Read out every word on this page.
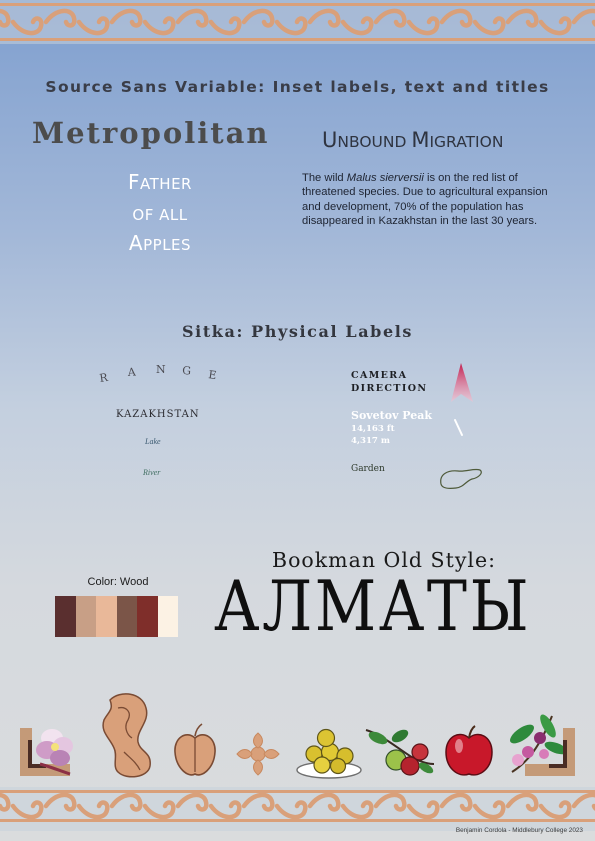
Source Sans Variable: Inset labels, text and titles
Metropolitan	UNBOUND MIGRATION
FATHER
OF ALL
APPLES
The wild Malus sierversii is on the red list of threatened species. Due to agricultural expansion and development, 70% of the population has disappeared in Kazakhstan in the last 30 years.
Sitka: Physical Labels
R A N G E
KAZAKHSTAN
Lake
River
CAMERA
DIRECTION
Sovetov Peak
14,163 ft
4,317 m
Garden
Bookman Old Style:
АЛМАТЫ
Color: Wood
Benjamin Cordola - Middlebury College 2023
